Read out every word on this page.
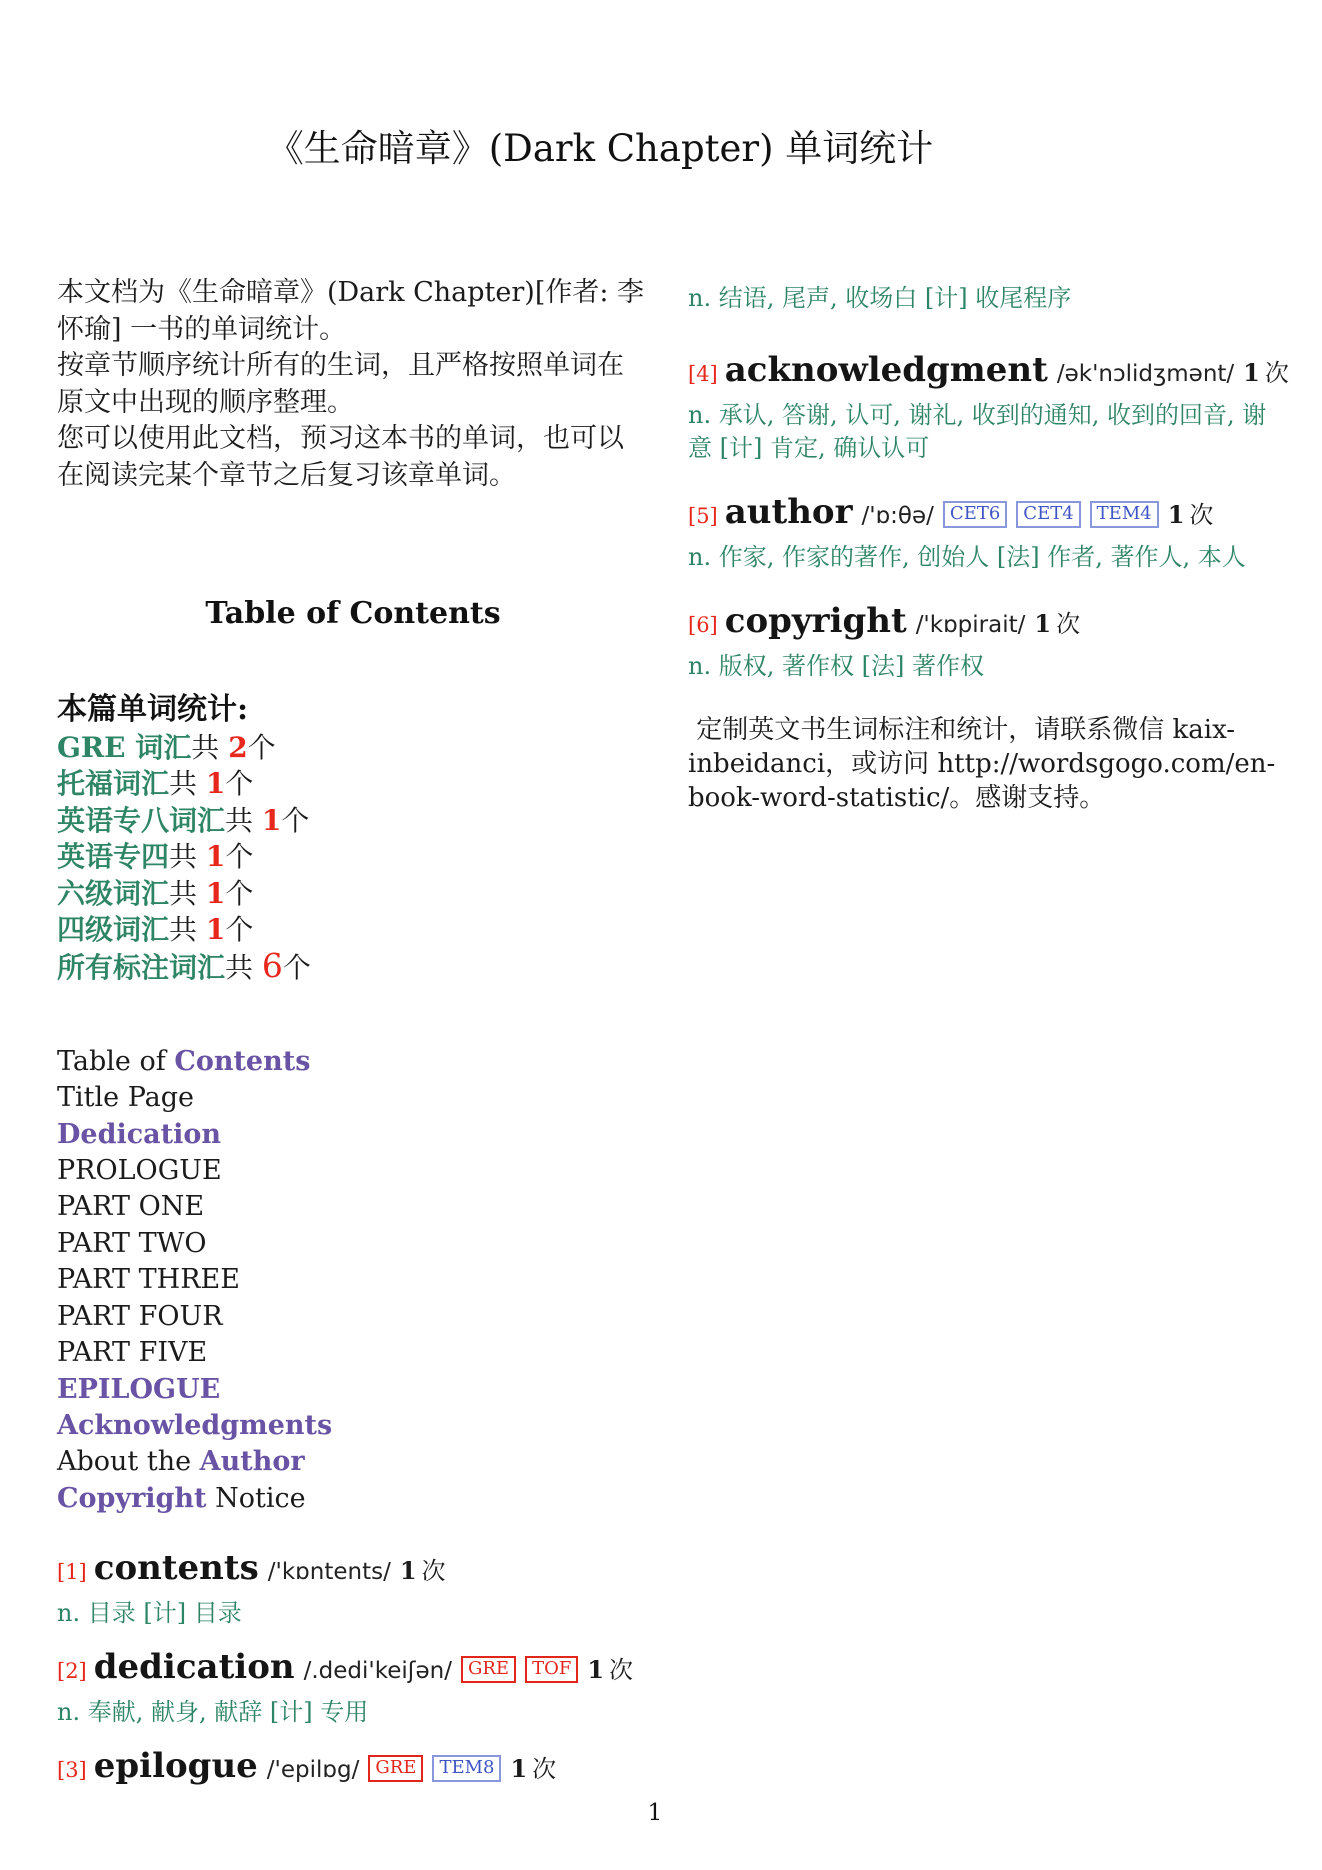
《生命暗章》(Dark Chapter) 单词统计
本文档为《生命暗章》(Dark Chapter)[作者: 李
怀瑜] 一书的单词统计。
按章节顺序统计所有的生词，且严格按照单词在
原文中出现的顺序整理。
您可以使用此文档，预习这本书的单词，也可以
在阅读完某个章节之后复习该章单词。
Table of Contents
本篇单词统计:
GRE 词汇共 2个
托福词汇共 1个
英语专八词汇共 1个
英语专四共 1个
六级词汇共 1个
四级词汇共 1个
所有标注词汇共 6个
Table of Contents
Title Page
Dedication
PROLOGUE
PART ONE
PART TWO
PART THREE
PART FOUR
PART FIVE
EPILOGUE
Acknowledgments
About the Author
Copyright Notice
[1] contents /'kɒntents/ 1 次
n. 目录 [计] 目录
[2] dedication /.dedi'keiʃən/ GRE TOF 1 次
n. 奉献, 献身, 献辞 [计] 专用
[3] epilogue /'epilɒg/ GRE TEM8 1 次
n. 结语, 尾声, 收场白 [计] 收尾程序
[4] acknowledgment /ək'nɔlidʒmənt/ 1 次
n. 承认, 答谢, 认可, 谢礼, 收到的通知, 收到的回音, 谢意 [计] 肯定, 确认认可
[5] author /'ɒ:θə/ CET6 CET4 TEM4 1 次
n. 作家, 作家的著作, 创始人 [法] 作者, 著作人, 本人
[6] copyright /'kɒpirait/ 1 次
n. 版权, 著作权 [法] 著作权
定制英文书生词标注和统计，请联系微信 kaix-
inbeidanci，或访问 http://wordsgogo.com/en-
book-word-statistic/。感谢支持。
1
